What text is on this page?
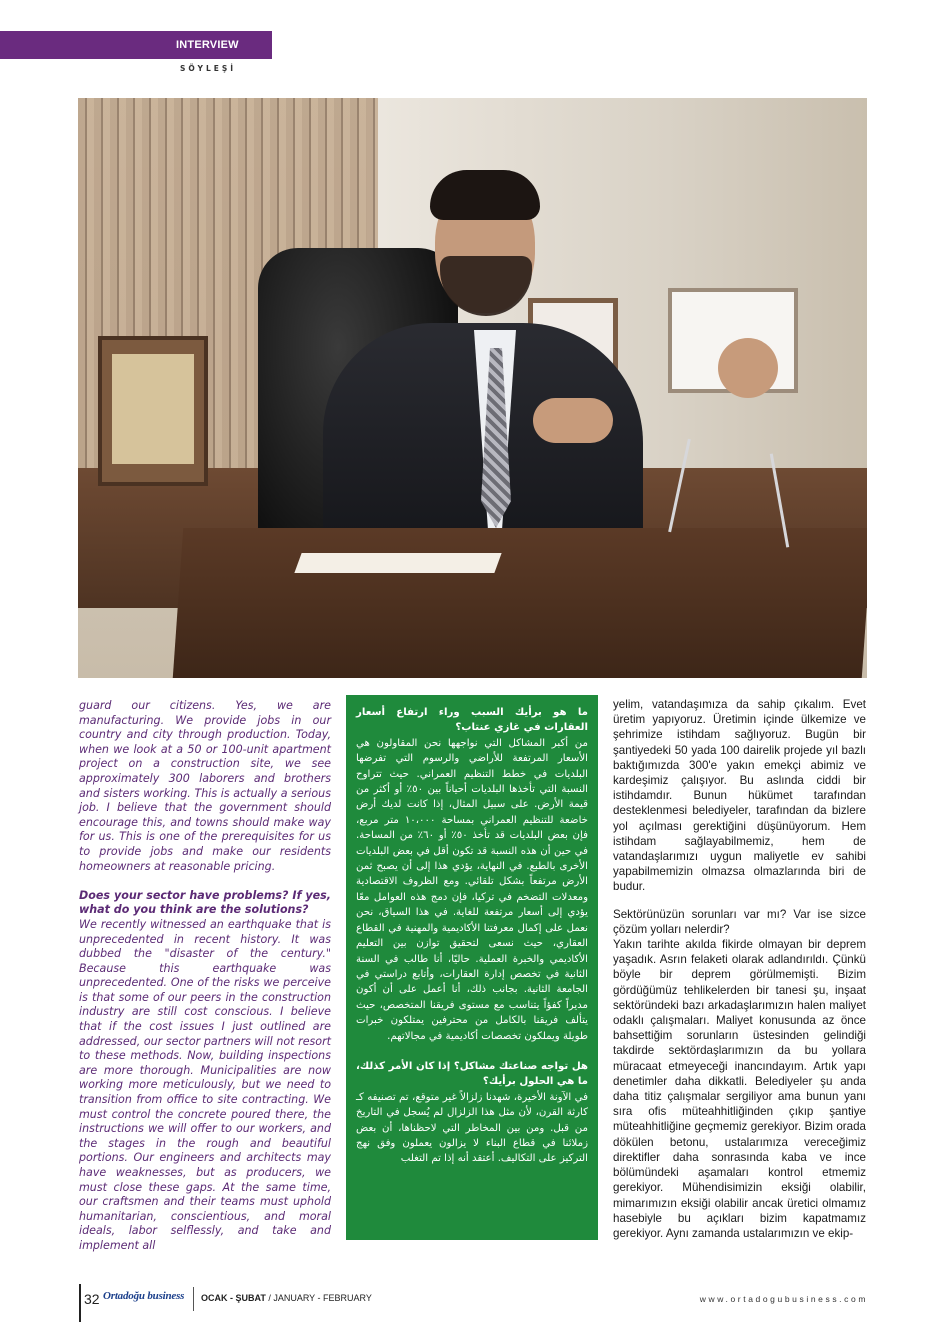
INTERVIEW
SÖYLEŞİ

guard our citizens. Yes, we are manufacturing. We provide jobs in our country and city through production. Today, when we look at a 50 or 100-unit apartment project on a construction site, we see approximately 300 laborers and brothers and sisters working. This is actually a serious job. I believe that the government should encourage this, and towns should make way for us. This is one of the prerequisites for us to provide jobs and make our residents homeowners at reasonable pricing.

Does your sector have problems? If yes, what do you think are the solutions?

We recently witnessed an earthquake that is unprecedented in recent history. It was dubbed the "disaster of the century." Because this earthquake was unprecedented. One of the risks we perceive is that some of our peers in the construction industry are still cost conscious. I believe that if the cost issues I just outlined are addressed, our sector partners will not resort to these methods. Now, building inspections are more thorough. Municipalities are now working more meticulously, but we need to transition from office to site contracting. We must control the concrete poured there, the instructions we will offer to our workers, and the stages in the rough and beautiful portions. Our engineers and architects may have weaknesses, but as producers, we must close these gaps. At the same time, our craftsmen and their teams must uphold humanitarian, conscientious, and moral ideals, labor selflessly, and take and implement all

ما هو برأيك السبب وراء ارتفاع أسعار العقارات في غازي عنتاب؟

من أكبر المشاكل التي نواجهها نحن المقاولون هي الأسعار المرتفعة للأراضي والرسوم التي تفرضها البلديات في خطط التنظيم العمراني. حيث تتراوح النسبة التي تأخذها البلديات أحياناً بين ٥٠٪ أو أكثر من قيمة الأرض. على سبيل المثال، إذا كانت لديك أرض خاضعة للتنظيم العمراني بمساحة ١٠،٠٠٠ متر مربع، فإن بعض البلديات قد تأخذ ٥٠٪ أو ٦٠٪ من المساحة. في حين أن هذه النسبة قد تكون أقل في بعض البلديات الأخرى بالطبع. في النهاية، يؤدي هذا إلى أن يصبح ثمن الأرض مرتفعاً بشكل تلقائي. ومع الظروف الاقتصادية ومعدلات التضخم في تركيا، فإن دمج هذه العوامل معًا يؤدي إلى أسعار مرتفعة للغاية. في هذا السياق، نحن نعمل على إكمال معرفتنا الأكاديمية والمهنية في القطاع العقاري، حيث نسعى لتحقيق توازن بين التعليم الأكاديمي والخبرة العملية. حاليًا، أنا طالب في السنة الثانية في تخصص إدارة العقارات، وأتابع دراستي في الجامعة الثانية. بجانب ذلك، أنا أعمل على أن أكون مديراً كفؤاً يتناسب مع مستوى فريقنا المتخصص، حيث يتألف فريقنا بالكامل من محترفين يمتلكون خبرات طويلة ويملكون تخصصات أكاديمية في مجالاتهم.

هل تواجه صناعتك مشاكل؟ إذا كان الأمر كذلك، ما هي الحلول برأيك؟

في الآونة الأخيرة، شهدنا زلزالاً غير متوقع، تم تصنيفه كـ كارثة القرن، لأن مثل هذا الزلزال لم يُسجل في التاريخ من قبل. ومن بين المخاطر التي لاحظناها، أن بعض زملائنا في قطاع البناء لا يزالون يعملون وفق نهج التركيز على التكاليف. أعتقد أنه إذا تم التغلب

yelim, vatandaşımıza da sahip çıkalım. Evet üretim yapıyoruz. Üretimin içinde ülkemize ve şehrimize istihdam sağlıyoruz. Bugün bir şantiyedeki 50 yada 100 dairelik projede yıl bazlı baktığımızda 300'e yakın emekçi abimiz ve kardeşimiz çalışıyor. Bu aslında ciddi bir istihdamdır. Bunun hükümet tarafından desteklenmesi belediyeler, tarafından da bizlere yol açılması gerektiğini düşünüyorum. Hem istihdam sağlayabilmemiz, hem de vatandaşlarımızı uygun maliyetle ev sahibi yapabilmemizin olmazsa olmazlarında biri de budur.

Sektörünüzün sorunları var mı? Var ise sizce çözüm yolları nelerdir?

Yakın tarihte akılda fikirde olmayan bir deprem yaşadık. Asrın felaketi olarak adlandırıldı. Çünkü böyle bir deprem görülmemişti. Bizim gördüğümüz tehlikelerden bir tanesi şu, inşaat sektöründeki bazı arkadaşlarımızın halen maliyet odaklı çalışmaları. Maliyet konusunda az önce bahsettiğim sorunların üstesinden gelindiği takdirde sektördaşlarımızın da bu yollara müracaat etmeyeceği inancındayım. Artık yapı denetimler daha dikkatli. Belediyeler şu anda daha titiz çalışmalar sergiliyor ama bunun yanı sıra ofis müteahhitliğinden çıkıp şantiye müteahhitliğine geçmemiz gerekiyor. Bizim orada dökülen betonu, ustalarımıza vereceğimiz direktifler daha sonrasında kaba ve ince bölümündeki aşamaları kontrol etmemiz gerekiyor. Mühendisimizin eksiği olabilir, mimarımızın eksiği olabilir ancak üretici olmamız hasebiyle bu açıkları bizim kapatmamız gerekiyor. Aynı zamanda ustalarımızın ve ekip-

32 Ortadoğu business OCAK - ŞUBAT / JANUARY - FEBRUARY	www.ortadogubusiness.com
